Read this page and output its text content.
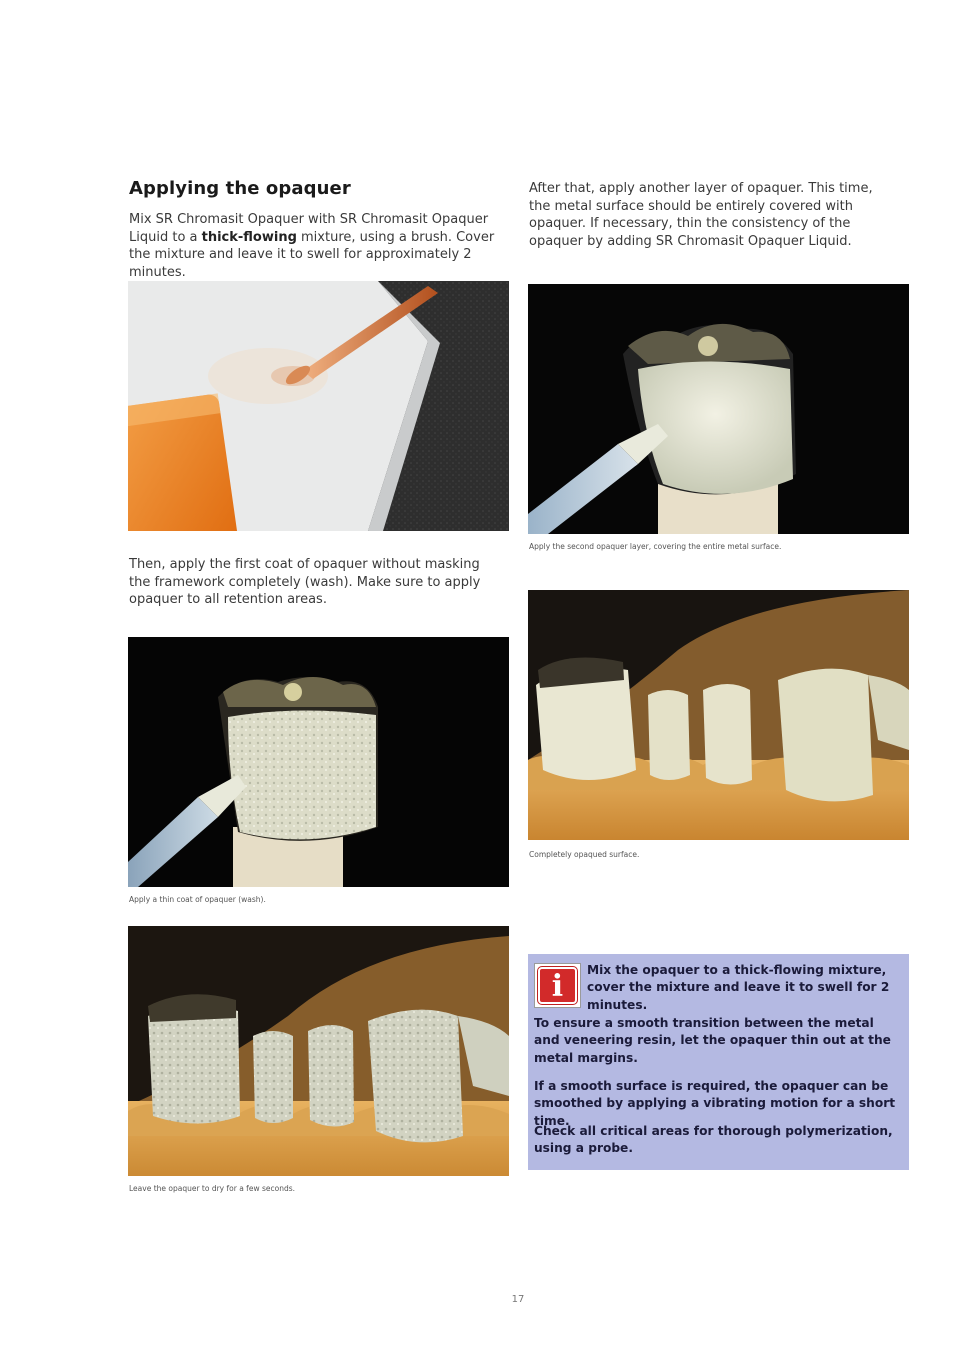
Applying the opaquer

Mix SR Chromasit Opaquer with SR Chromasit Opaquer Liquid to a thick-flowing mixture, using a brush. Cover the mixture and leave it to swell for approximately 2 minutes.

After that, apply another layer of opaquer. This time, the metal surface should be entirely covered with opaquer. If necessary, thin the consistency of the opaquer by adding SR Chromasit Opaquer Liquid.

Apply the second opaquer layer, covering the entire metal surface.

Then, apply the first coat of opaquer without masking the framework completely (wash). Make sure to apply opaquer to all retention areas.

Completely opaqued surface.
Apply a thin coat of opaquer (wash).
Leave the opaquer to dry for a few seconds.
i	Mix the opaquer to a thick-flowing mixture, cover the mixture and leave it to swell for 2 minutes.

To ensure a smooth transition between the metal and veneering resin, let the opaquer thin out at the metal margins.

If a smooth surface is required, the opaquer can be smoothed by applying a vibrating motion for a short time.

Check all critical areas for thorough polymerization, using a probe.

17
